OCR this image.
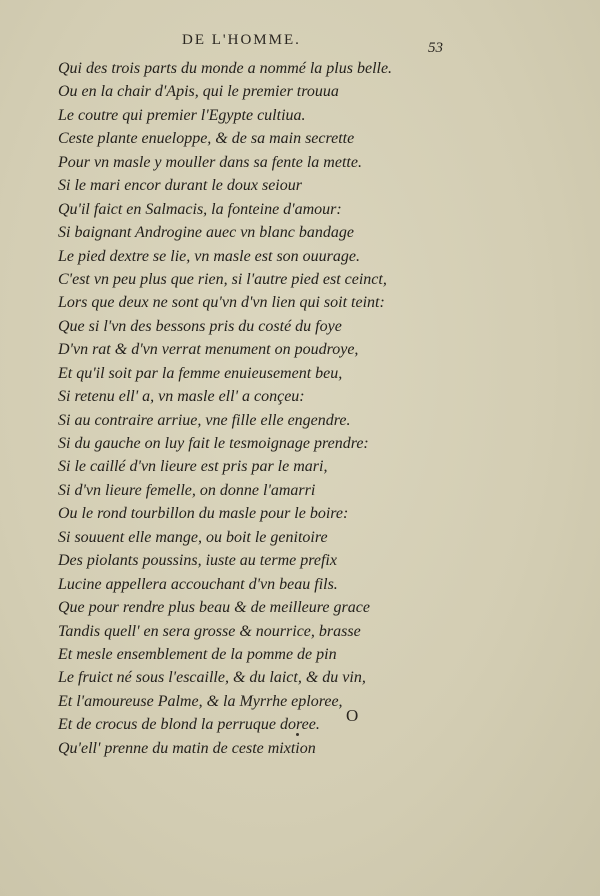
DE L'HOMME.	53
Qui des trois parts du monde a nommé la plus belle.
Ou en la chair d'Apis, qui le premier trouua
Le coutre qui premier l'Egypte cultiua.
Ceste plante enueloppe, & de sa main secrette
Pour vn masle y mouller dans sa fente la mette.
Si le mari encor durant le doux seiour
Qu'il faict en Salmacis, la fonteine d'amour:
Si baignant Androgine auec vn blanc bandage
Le pied dextre se lie, vn masle est son ouurage.
C'est vn peu plus que rien, si l'autre pied est ceinct,
Lors que deux ne sont qu'vn d'vn lien qui soit teint:
Que si l'vn des bessons pris du costé du foye
D'vn rat & d'vn verrat menument on poudroye,
Et qu'il soit par la femme enuieusement beu,
Si retenu ell' a, vn masle ell' a conçeu:
Si au contraire arriue, vne fille elle engendre.
Si du gauche on luy fait le tesmoignage prendre:
Si le caillé d'vn lieure est pris par le mari,
Si d'vn lieure femelle, on donne l'amarri
Ou le rond tourbillon du masle pour le boire:
Si souuent elle mange, ou boit le genitoire
Des piolants poussins, iuste au terme prefix
Lucine appellera accouchant d'vn beau fils.
Que pour rendre plus beau & de meilleure grace
Tandis quell' en sera grosse & nourrice, brasse
Et mesle ensemblement de la pomme de pin
Le fruict né sous l'escaille, & du laict, & du vin,
Et l'amoureuse Palme, & la Myrrhe eploree,
Et de crocus de blond la perruque doree.
Qu'ell' prenne du matin de ceste mixtion
O
